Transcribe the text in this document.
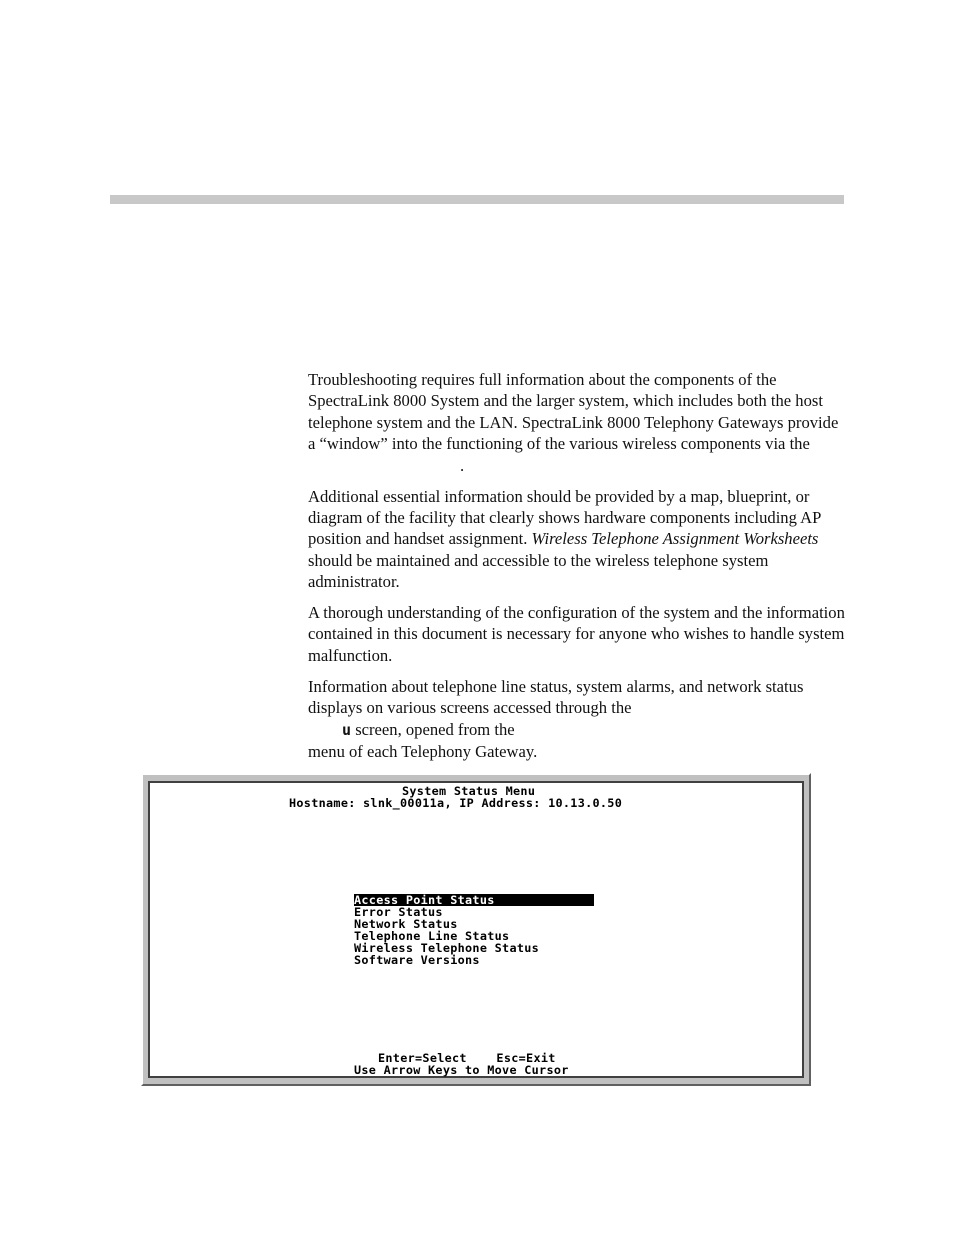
Troubleshooting requires full information about the components of the SpectraLink 8000 System and the larger system, which includes both the host telephone system and the LAN. SpectraLink 8000 Telephony Gateways provide a “window” into the functioning of the various wireless components via the.

Additional essential information should be provided by a map, blueprint, or diagram of the facility that clearly shows hardware components including AP position and handset assignment. Wireless Telephone Assignment Worksheets should be maintained and accessible to the wireless telephone system administrator.

A thorough understanding of the configuration of the system and the information contained in this document is necessary for anyone who wishes to handle system malfunction.

Information about telephone line status, system alarms, and network status displays on various screens accessed through the
u screen, opened from the
menu of each Telephony Gateway.

System Status Menu
Hostname: slnk_00011a, IP Address: 10.13.0.50
Access Point Status
Error Status
Network Status
Telephone Line Status
Wireless Telephone Status
Software Versions
Enter=Select    Esc=Exit
Use Arrow Keys to Move Cursor
